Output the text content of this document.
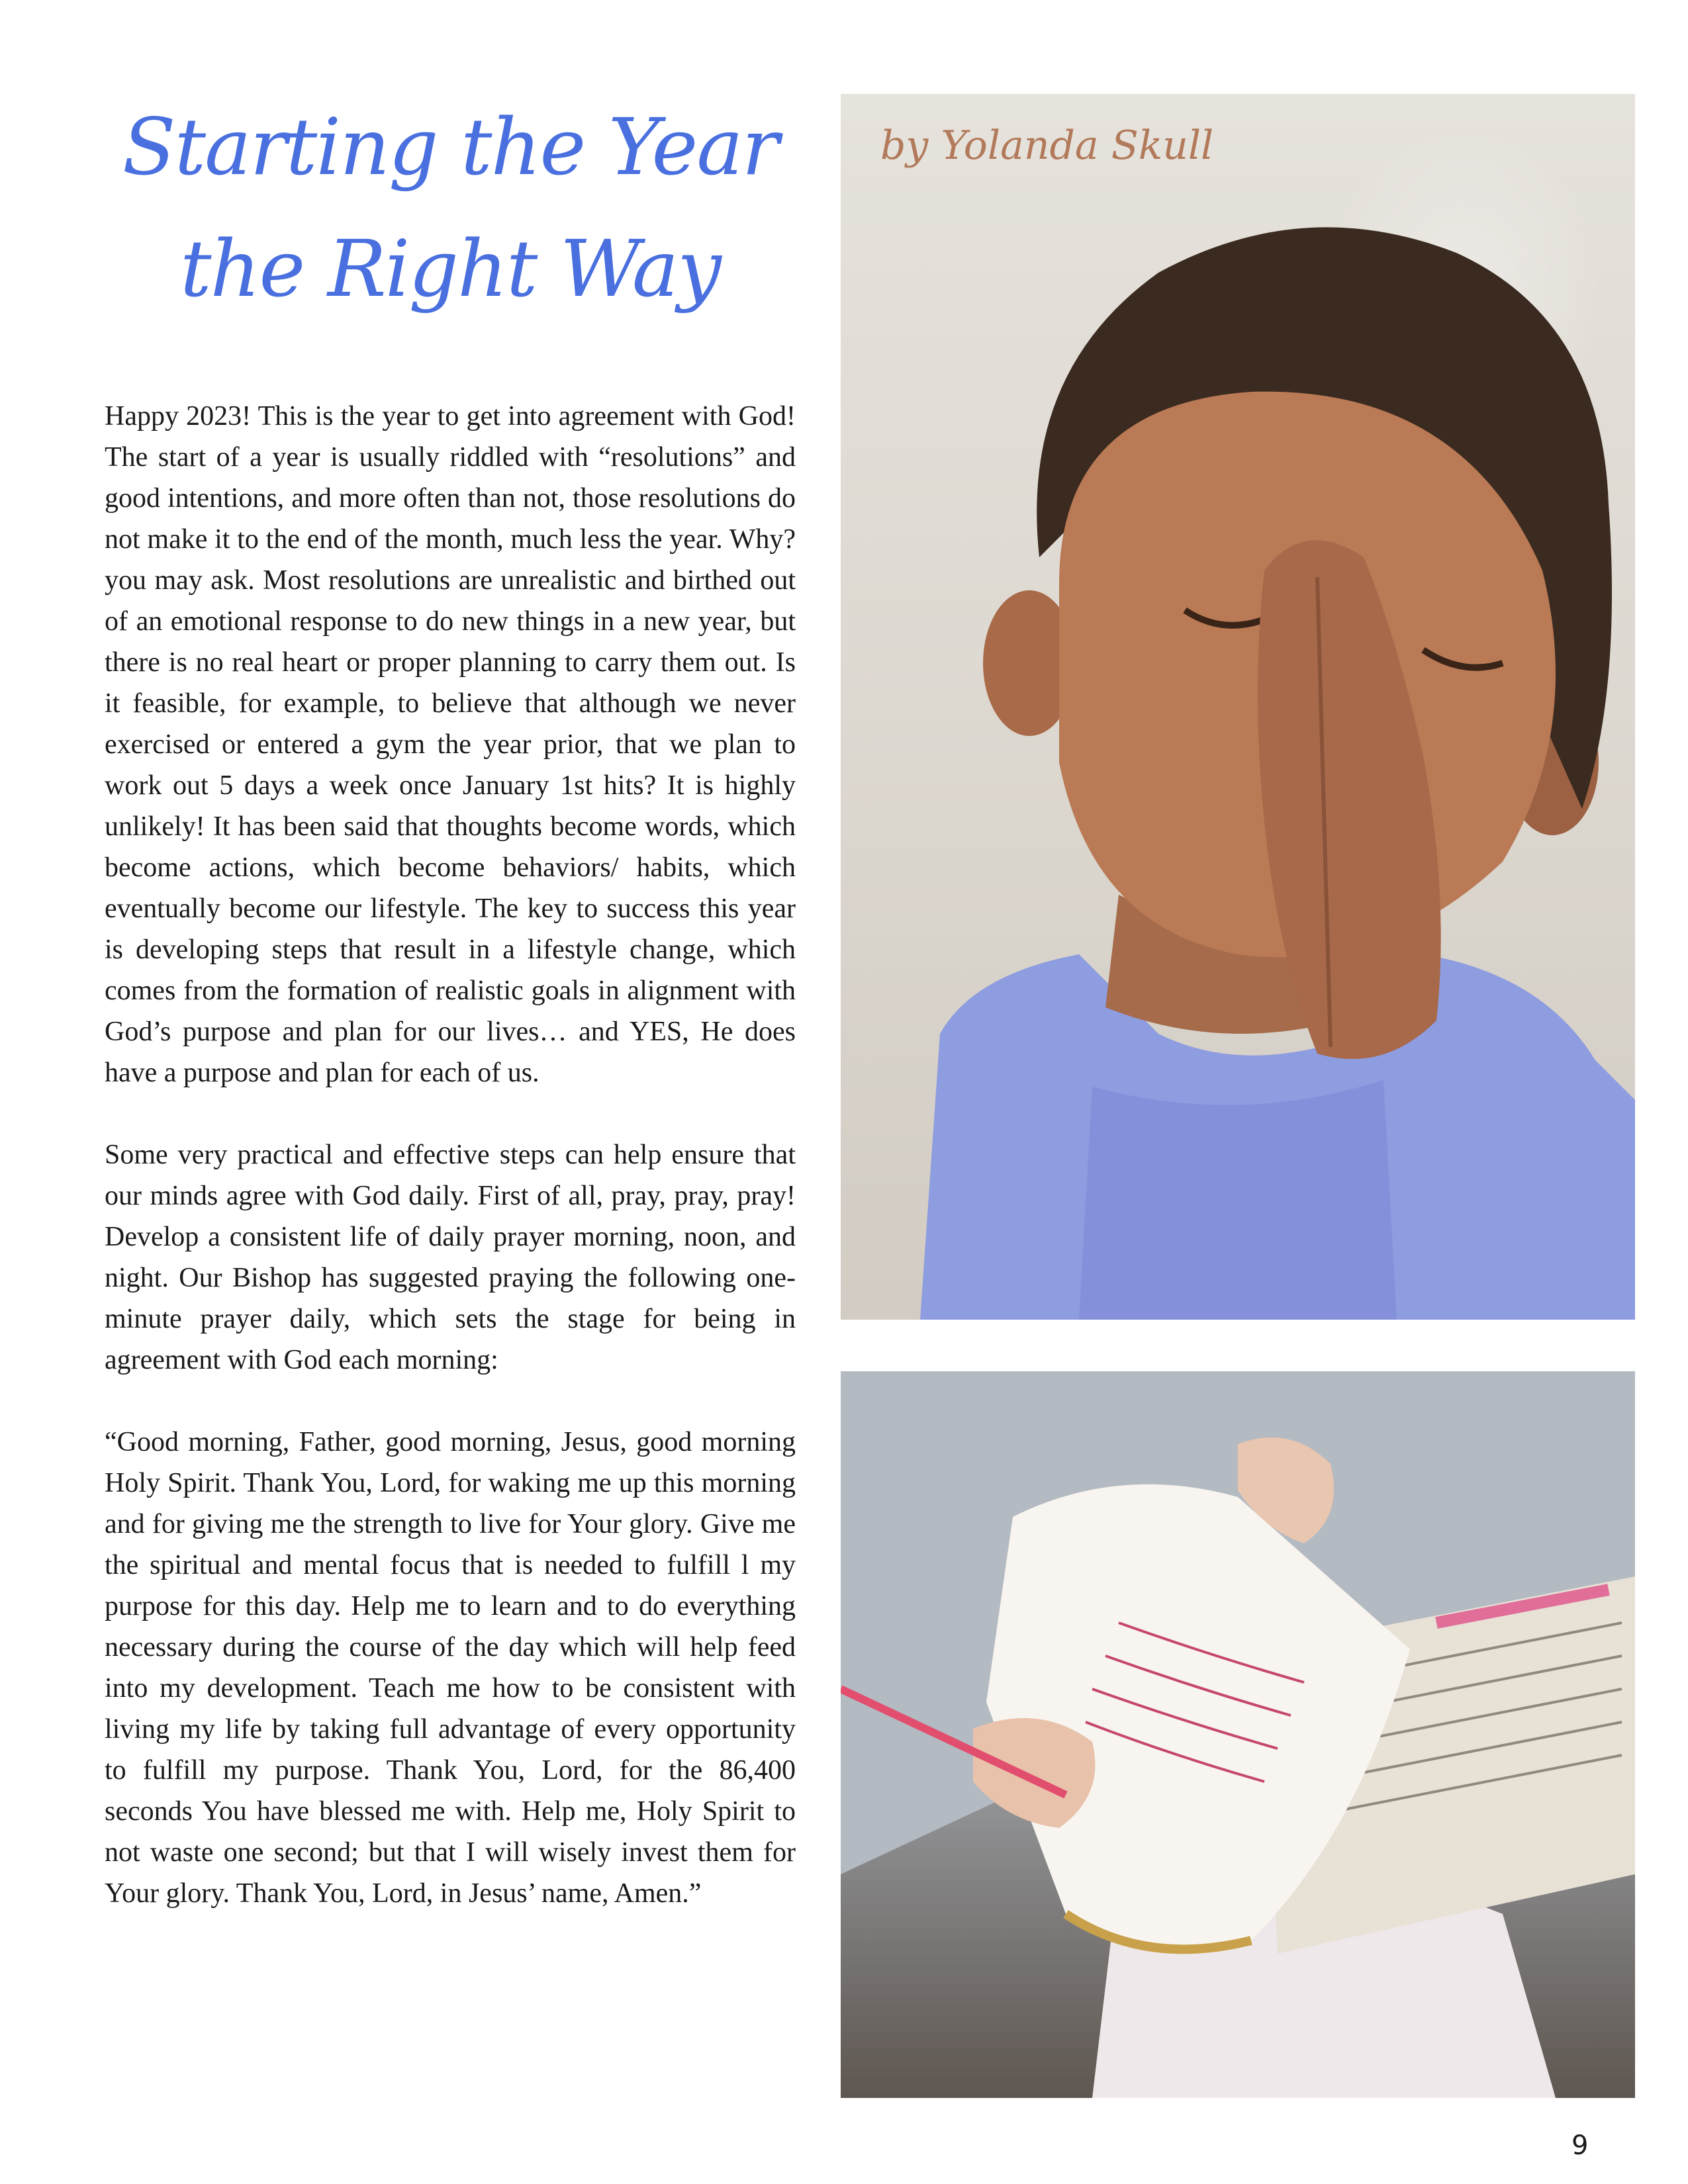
Starting the Year the Right Way

Happy 2023! This is the year to get into agreement with God! The start of a year is usually riddled with “resolutions” and good intentions, and more often than not, those resolutions do not make it to the end of the month, much less the year. Why? you may ask. Most resolutions are unrealistic and birthed out of an emotional response to do new things in a new year, but there is no real heart or proper planning to carry them out. Is it feasible, for example, to believe that although we never exercised or entered a gym the year prior, that we plan to work out 5 days a week once January 1st hits? It is highly unlikely! It has been said that thoughts become words, which become actions, which become behaviors/ habits, which eventually become our lifestyle. The key to success this year is developing steps that result in a lifestyle change, which comes from the formation of realistic goals in alignment with God’s purpose and plan for our lives… and YES, He does have a purpose and plan for each of us.

Some very practical and effective steps can help ensure that our minds agree with God daily. First of all, pray, pray, pray! Develop a consistent life of daily prayer morning, noon, and night. Our Bishop has suggested praying the following one-minute prayer daily, which sets the stage for being in agreement with God each morning:

“Good morning, Father, good morning, Jesus, good morning Holy Spirit. Thank You, Lord, for waking me up this morning and for giving me the strength to live for Your glory. Give me the spiritual and mental focus that is needed to fulfill l my purpose for this day. Help me to learn and to do everything necessary during the course of the day which will help feed into my development. Teach me how to be consistent with living my life by taking full advantage of every opportunity to fulfill my purpose. Thank You, Lord, for the 86,400 seconds You have blessed me with. Help me, Holy Spirit to not waste one second; but that I will wisely invest them for Your glory. Thank You, Lord, in Jesus’ name, Amen.”

by Yolanda Skull

9
